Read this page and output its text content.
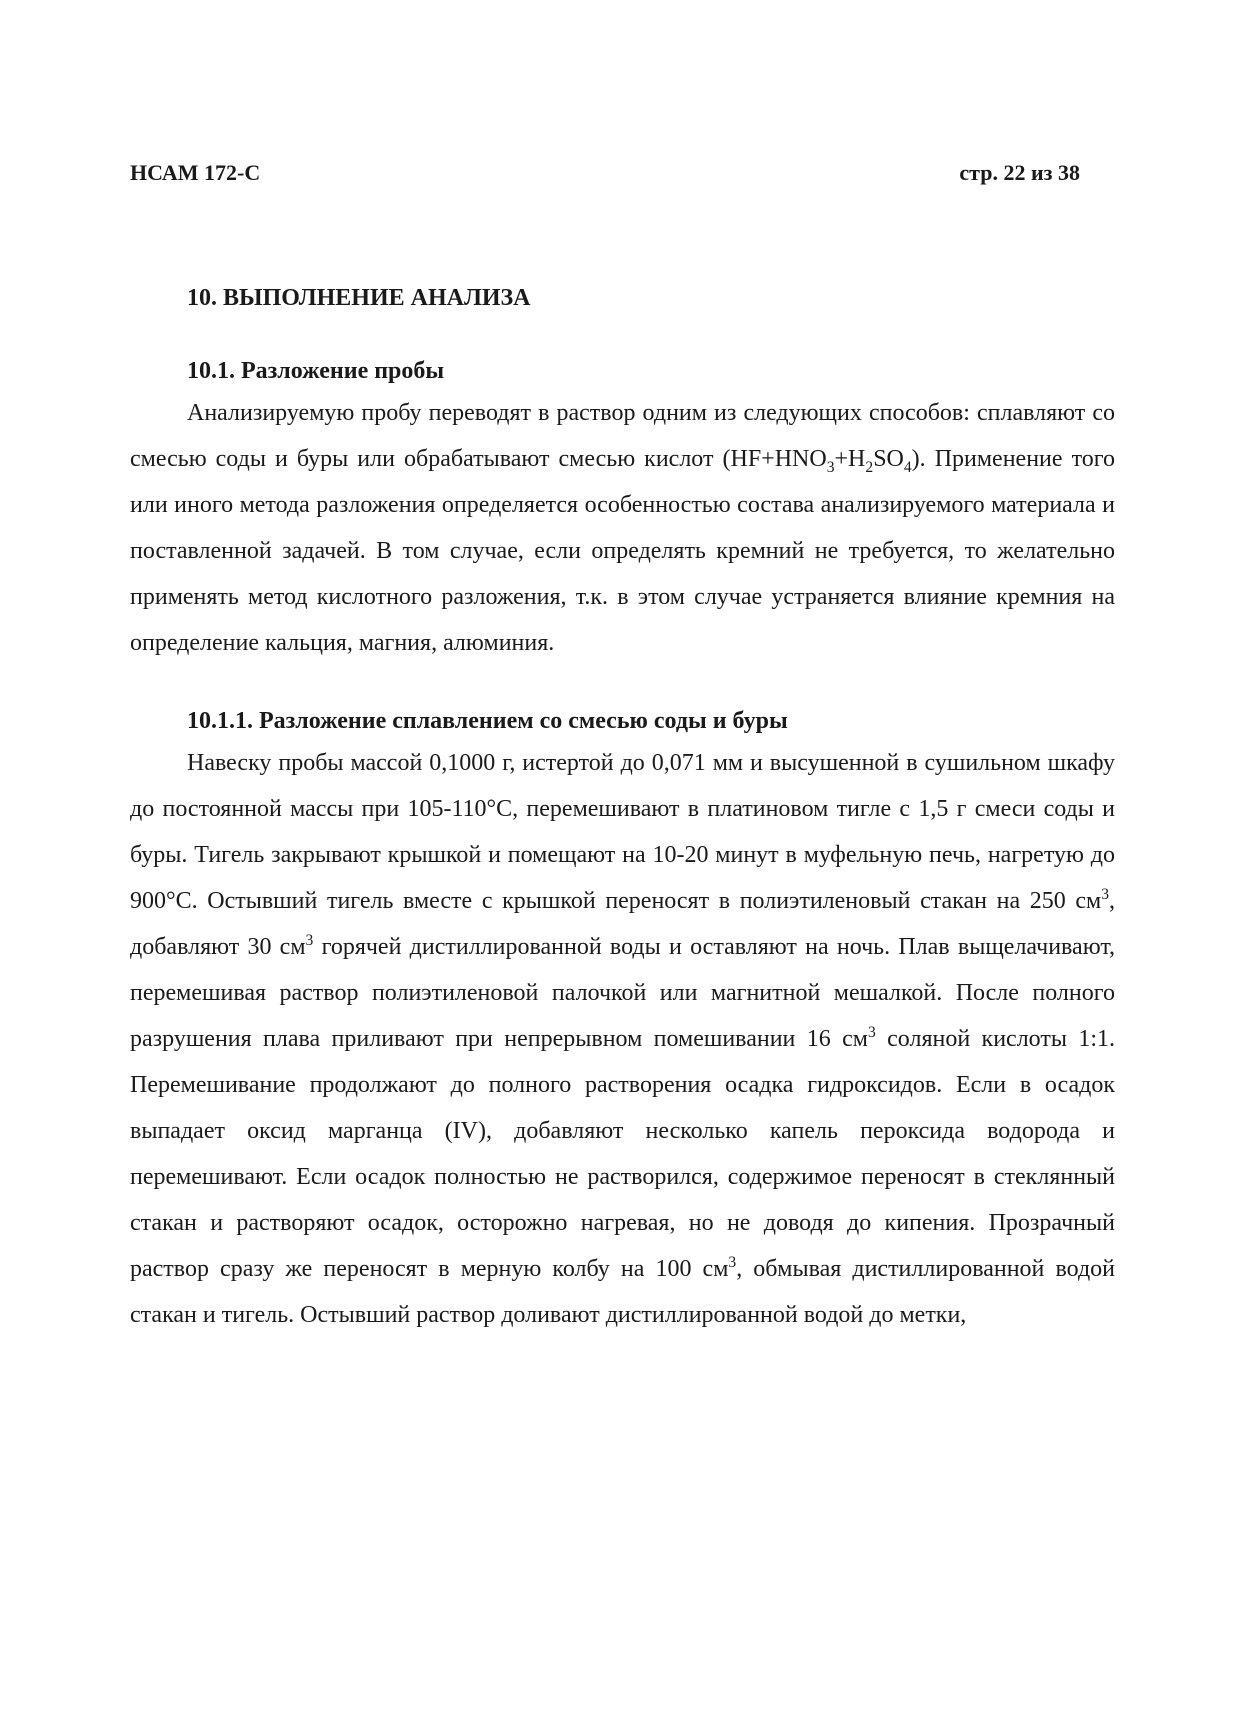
НСАМ 172-С	стр. 22 из 38
10. ВЫПОЛНЕНИЕ АНАЛИЗА
10.1. Разложение пробы

Анализируемую пробу переводят в раствор одним из следующих способов: сплавляют со смесью соды и буры или обрабатывают смесью кислот $(HF+HNO_3+H_2SO_4)$. Применение того или иного метода разложения определяется особенностью состава анализируемого материала и поставленной задачей. В том случае, если определять кремний не требуется, то желательно применять метод кислотного разложения, т.к. в этом случае устраняется влияние кремния на определение кальция, магния, алюминия.

10.1.1. Разложение сплавлением со смесью соды и буры

Навеску пробы массой 0,1000 г, истертой до 0,071 мм и высушенной в сушильном шкафу до постоянной массы при 105-110°С, перемешивают в платиновом тигле с 1,5 г смеси соды и буры. Тигель закрывают крышкой и помещают на 10-20 минут в муфельную печь, нагретую до 900°С. Остывший тигель вместе с крышкой переносят в полиэтиленовый стакан на 250 $см^3$, добавляют 30 $см^3$ горячей дистиллированной воды и оставляют на ночь. Плав выщелачивают, перемешивая раствор полиэтиленовой палочкой или магнитной мешалкой. После полного разрушения плава приливают при непрерывном помешивании 16 $см^3$ соляной кислоты 1:1. Перемешивание продолжают до полного растворения осадка гидроксидов. Если в осадок выпадает оксид марганца (IV), добавляют несколько капель пероксида водорода и перемешивают. Если осадок полностью не растворился, содержимое переносят в стеклянный стакан и растворяют осадок, осторожно нагревая, но не доводя до кипения. Прозрачный раствор сразу же переносят в мерную колбу на 100 $см^3$, обмывая дистиллированной водой стакан и тигель. Остывший раствор доливают дистиллированной водой до метки,
